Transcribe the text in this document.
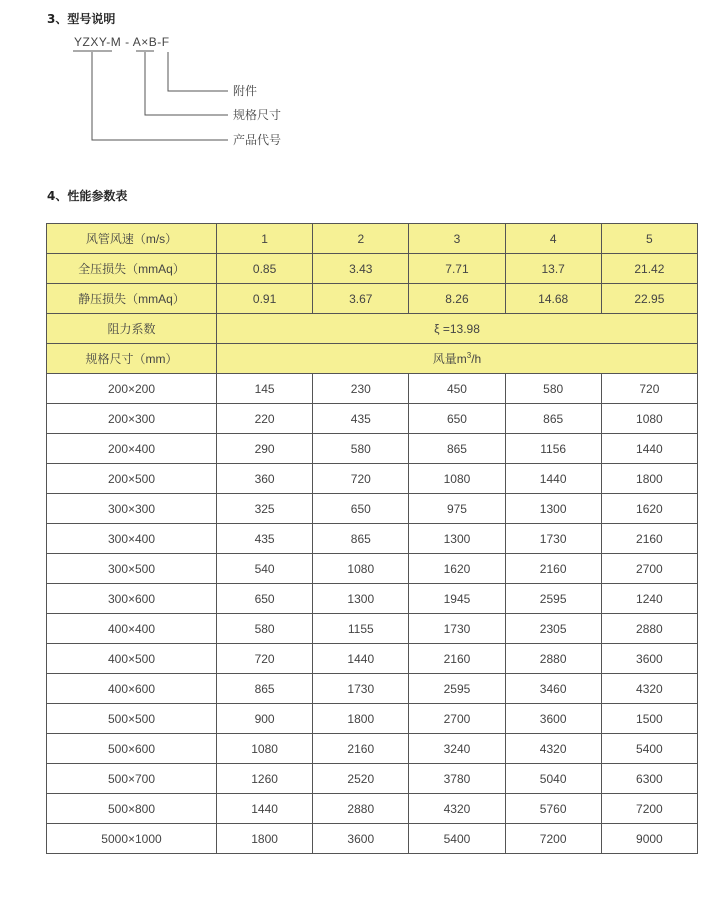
3、型号说明
YZXY-M - A×B-F
附件
规格尺寸
产品代号
4、性能参数表
风管风速（m/s）	1	2	3	4	5
全压损失（mmAq）	0.85	3.43	7.71	13.7	21.42
静压损失（mmAq）	0.91	3.67	8.26	14.68	22.95
阻力系数	ξ =13.98				
规格尺寸（mm）	风量$m^3/h$				
200×200	145	230	450	580	720
200×300	220	435	650	865	1080
200×400	290	580	865	1156	1440
200×500	360	720	1080	1440	1800
300×300	325	650	975	1300	1620
300×400	435	865	1300	1730	2160
300×500	540	1080	1620	2160	2700
300×600	650	1300	1945	2595	1240
400×400	580	1155	1730	2305	2880
400×500	720	1440	2160	2880	3600
400×600	865	1730	2595	3460	4320
500×500	900	1800	2700	3600	1500
500×600	1080	2160	3240	4320	5400
500×700	1260	2520	3780	5040	6300
500×800	1440	2880	4320	5760	7200
5000×1000	1800	3600	5400	7200	9000
